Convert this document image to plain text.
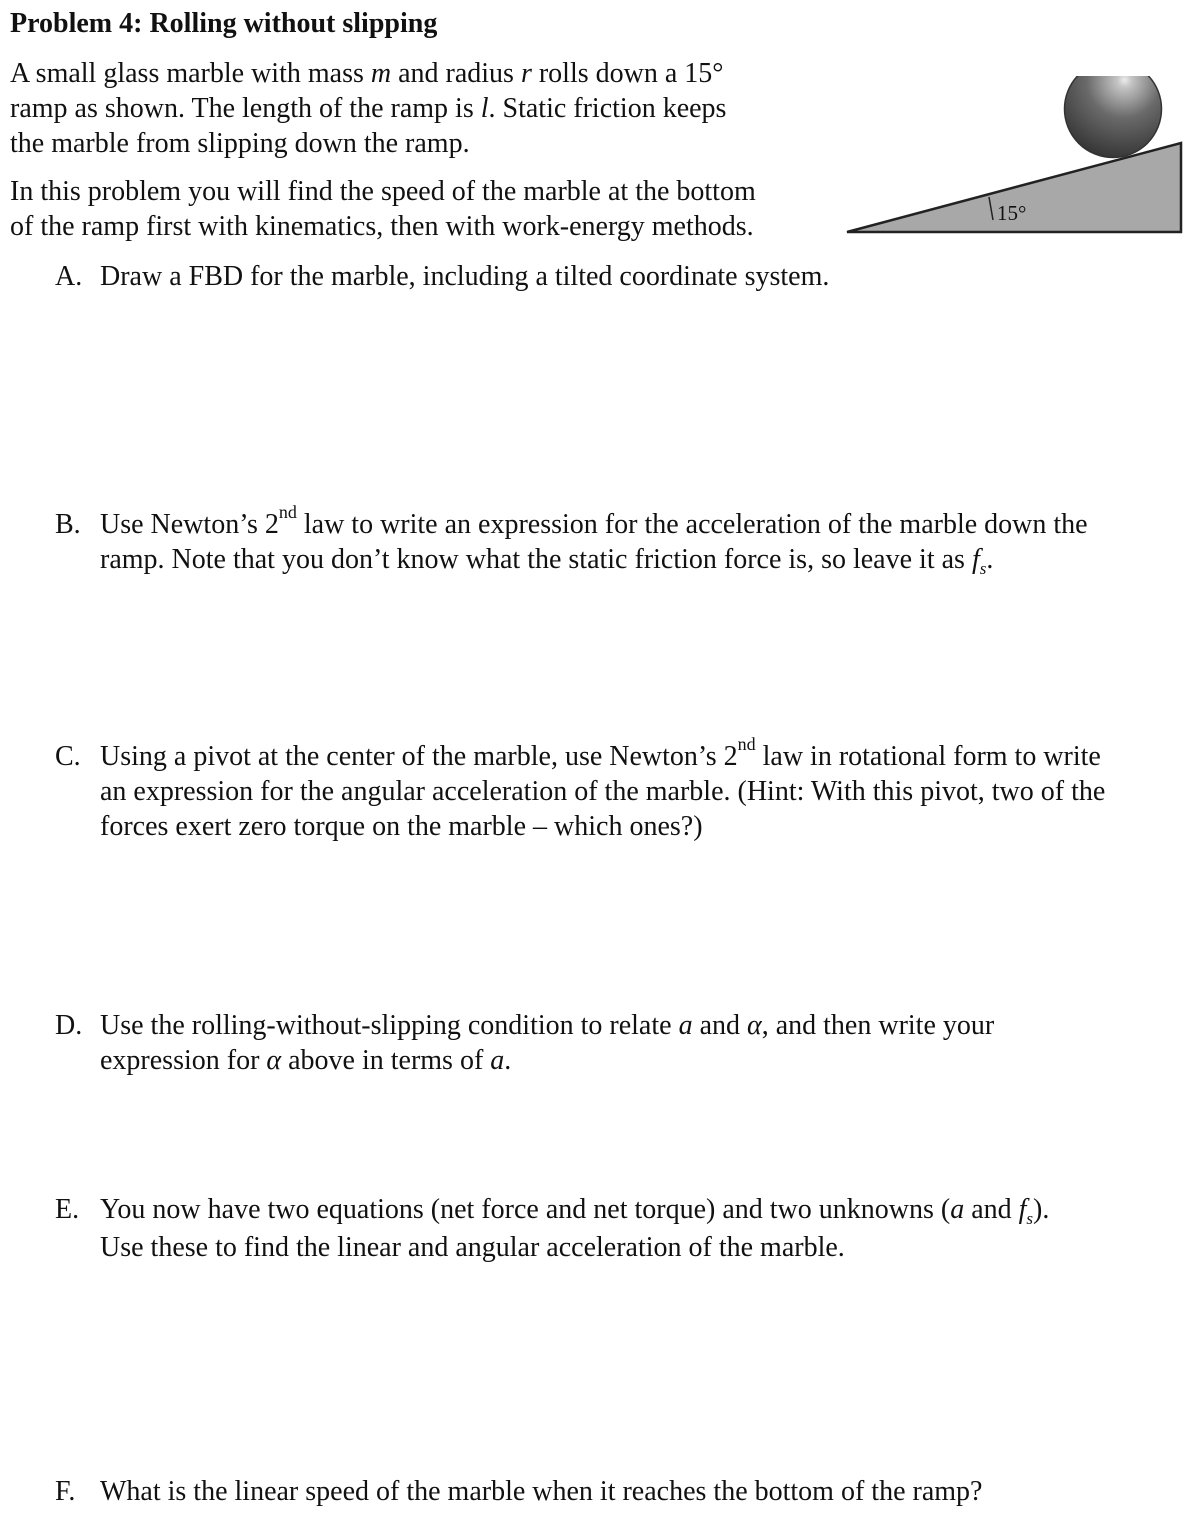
Problem 4: Rolling without slipping
A small glass marble with mass m and radius r rolls down a 15°
ramp as shown. The length of the ramp is l. Static friction keeps
the marble from slipping down the ramp.
In this problem you will find the speed of the marble at the bottom
of the ramp first with kinematics, then with work-energy methods.	15°
A. Draw a FBD for the marble, including a tilted coordinate system.
B. Use Newton’s 2nd law to write an expression for the acceleration of the marble down the
ramp. Note that you don’t know what the static friction force is, so leave it as $f_s$.
C. Using a pivot at the center of the marble, use Newton’s 2nd law in rotational form to write
an expression for the angular acceleration of the marble. (Hint: With this pivot, two of the
forces exert zero torque on the marble – which ones?)
D. Use the rolling-without-slipping condition to relate a and α, and then write your
expression for α above in terms of a.
E. You now have two equations (net force and net torque) and two unknowns (a and $f_s$).
Use these to find the linear and angular acceleration of the marble.
F. What is the linear speed of the marble when it reaches the bottom of the ramp?
